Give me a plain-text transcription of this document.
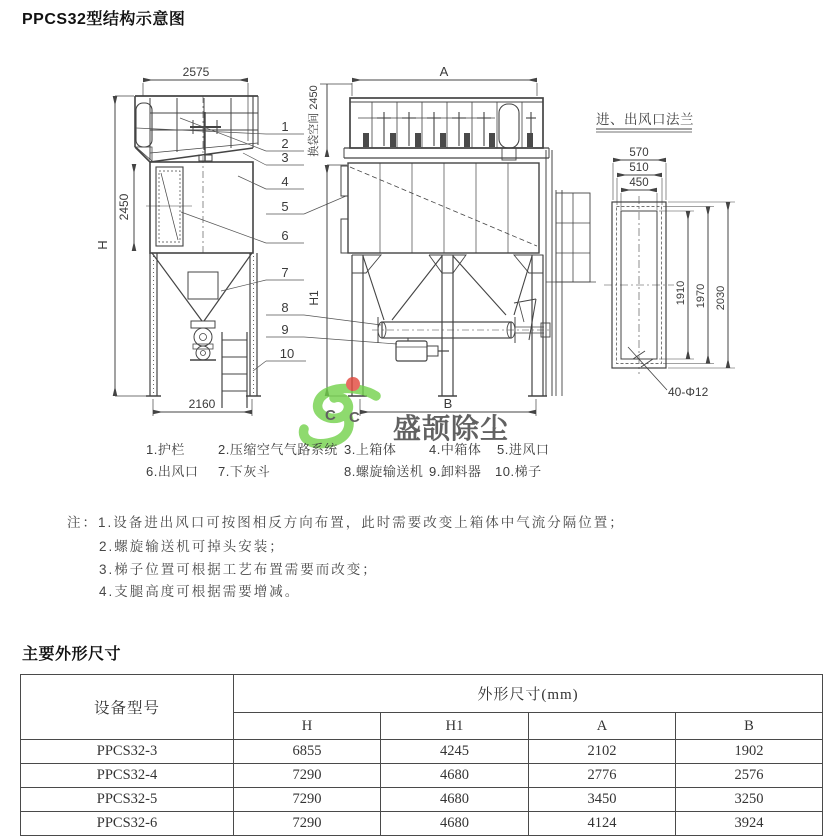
PPCS32型结构示意图
2575
2450
H
2160
1
2
3
4
5
6
7
8
9
10
A
换袋空间 2450
H1
B
进、出风口法兰
570
510
450
1910 1970 2030
40-Φ12
C C 盛颉除尘
1.护栏	2.压缩空气气路系统 3.上箱体	4.中箱体 5.进风口
6.出风口 7.下灰斗	8.螺旋输送机 9.卸料器 10.梯子
注：1.设备进出风口可按图相反方向布置，此时需要改变上箱体中气流分隔位置；
2.螺旋输送机可掉头安装；
3.梯子位置可根据工艺布置需要而改变；
4.支腿高度可根据需要增减。
主要外形尺寸
设备型号
外形尺寸(mm)
H	H1	A	B
PPCS32-3	6855	4245	2102	1902
PPCS32-4	7290	4680	2776	2576
PPCS32-5	7290	4680	3450	3250
PPCS32-6	7290	4680	4124	3924
